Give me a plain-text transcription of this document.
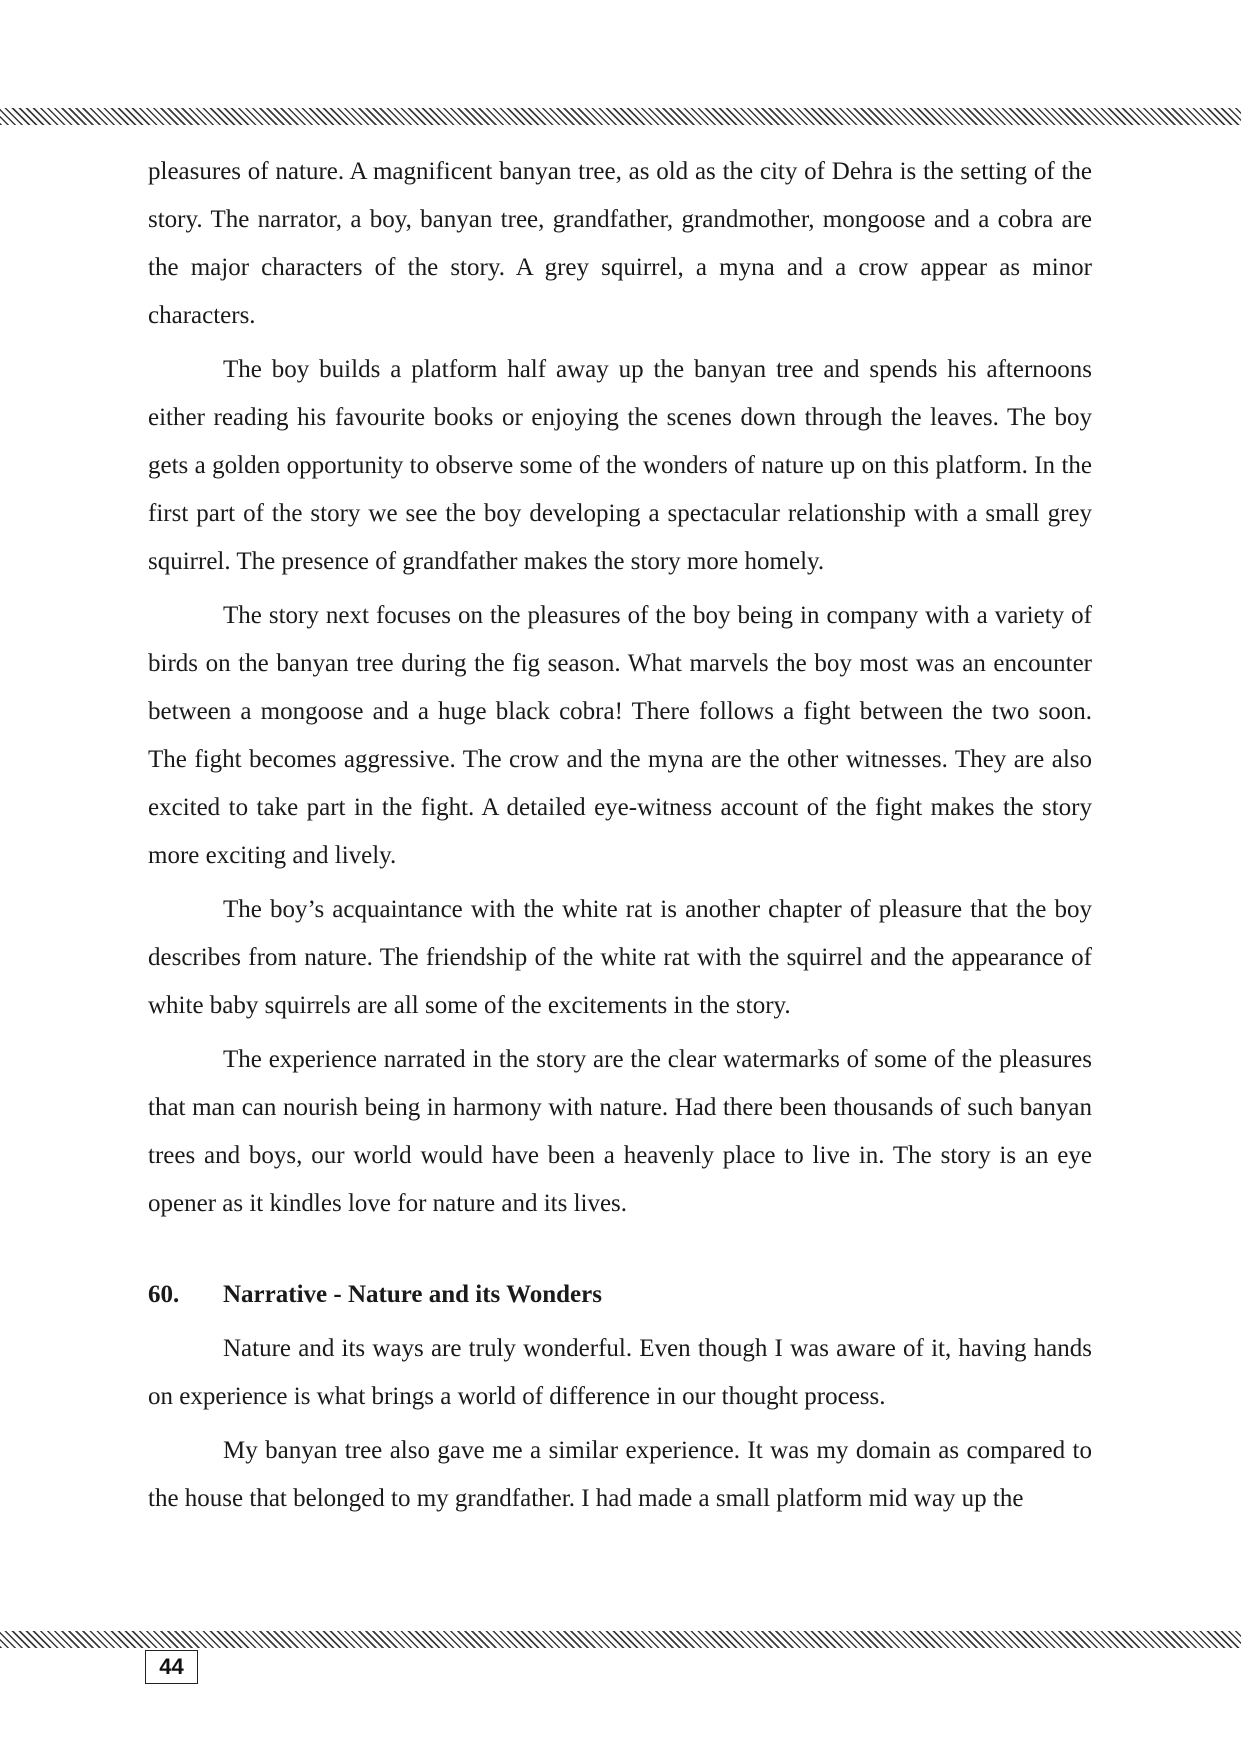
pleasures of nature. A magnificent banyan tree, as old as the city of Dehra is the setting of the story. The narrator, a boy, banyan tree, grandfather, grandmother, mongoose and a cobra are the major characters of the story. A grey squirrel, a myna and a crow appear as minor characters.

The boy builds a platform half away up the banyan tree and spends his afternoons either reading his favourite books or enjoying the scenes down through the leaves. The boy gets a golden opportunity to observe some of the wonders of nature up on this platform. In the first part of the story we see the boy developing a spectacular relationship with a small grey squirrel. The presence of grandfather makes the story more homely.

The story next focuses on the pleasures of the boy being in company with a variety of birds on the banyan tree during the fig season. What marvels the boy most was an encounter between a mongoose and a huge black cobra! There follows a fight between the two soon. The fight becomes aggressive. The crow and the myna are the other witnesses. They are also excited to take part in the fight. A detailed eye-witness account of the fight makes the story more exciting and lively.

The boy’s acquaintance with the white rat is another chapter of pleasure that the boy describes from nature. The friendship of the white rat with the squirrel and the appearance of white baby squirrels are all some of the excitements in the story.

The experience narrated in the story are the clear watermarks of some of the pleasures that man can nourish being in harmony with nature. Had there been thousands of such banyan trees and boys, our world would have been a heavenly place to live in. The story is an eye opener as it kindles love for nature and its lives.

60.	Narrative - Nature and its Wonders

Nature and its ways are truly wonderful. Even though I was aware of it, having hands on experience is what brings a world of difference in our thought process.

My banyan tree also gave me a similar experience. It was my domain as compared to the house that belonged to my grandfather. I had made a small platform mid way up the

44
